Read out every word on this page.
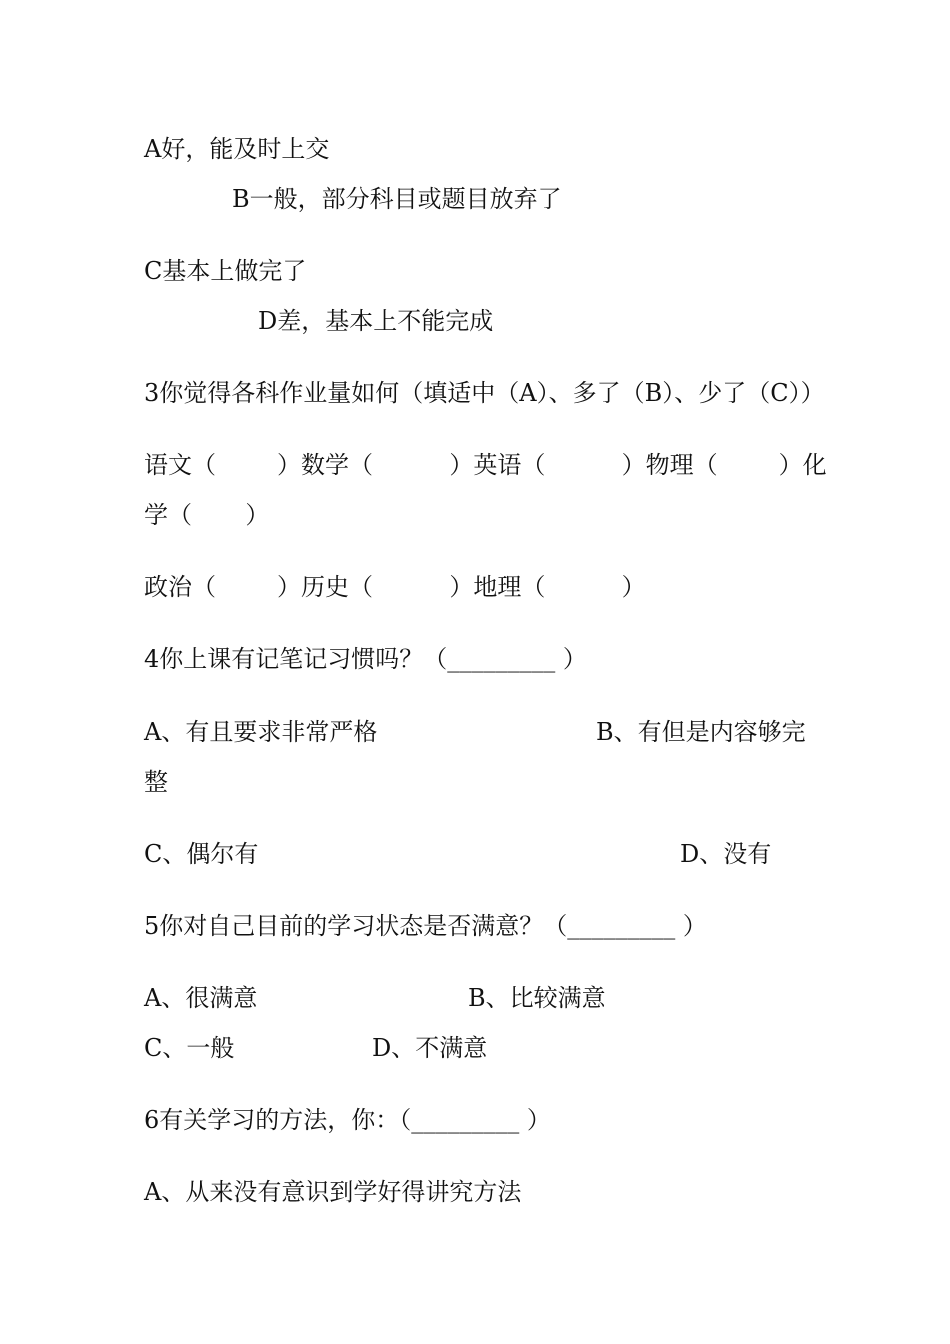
A好，能及时上交

B一般，部分科目或题目放弃了

C基本上做完了

D差，基本上不能完成

3你觉得各科作业量如何（填适中（A）、多了（B）、少了（C））

语文（        ）数学（          ）英语（          ）物理（        ）化

学（       ）

政治（        ）历史（          ）地理（          ）

4你上课有记笔记习惯吗？（_________ ）

A、有且要求非常严格	B、有但是内容够完

整

C、偶尔有	D、没有

5你对自己目前的学习状态是否满意？（_________ ）

A、很满意	B、比较满意

C、一般	D、不满意

6有关学习的方法，你：（_________ ）

A、从来没有意识到学好得讲究方法
